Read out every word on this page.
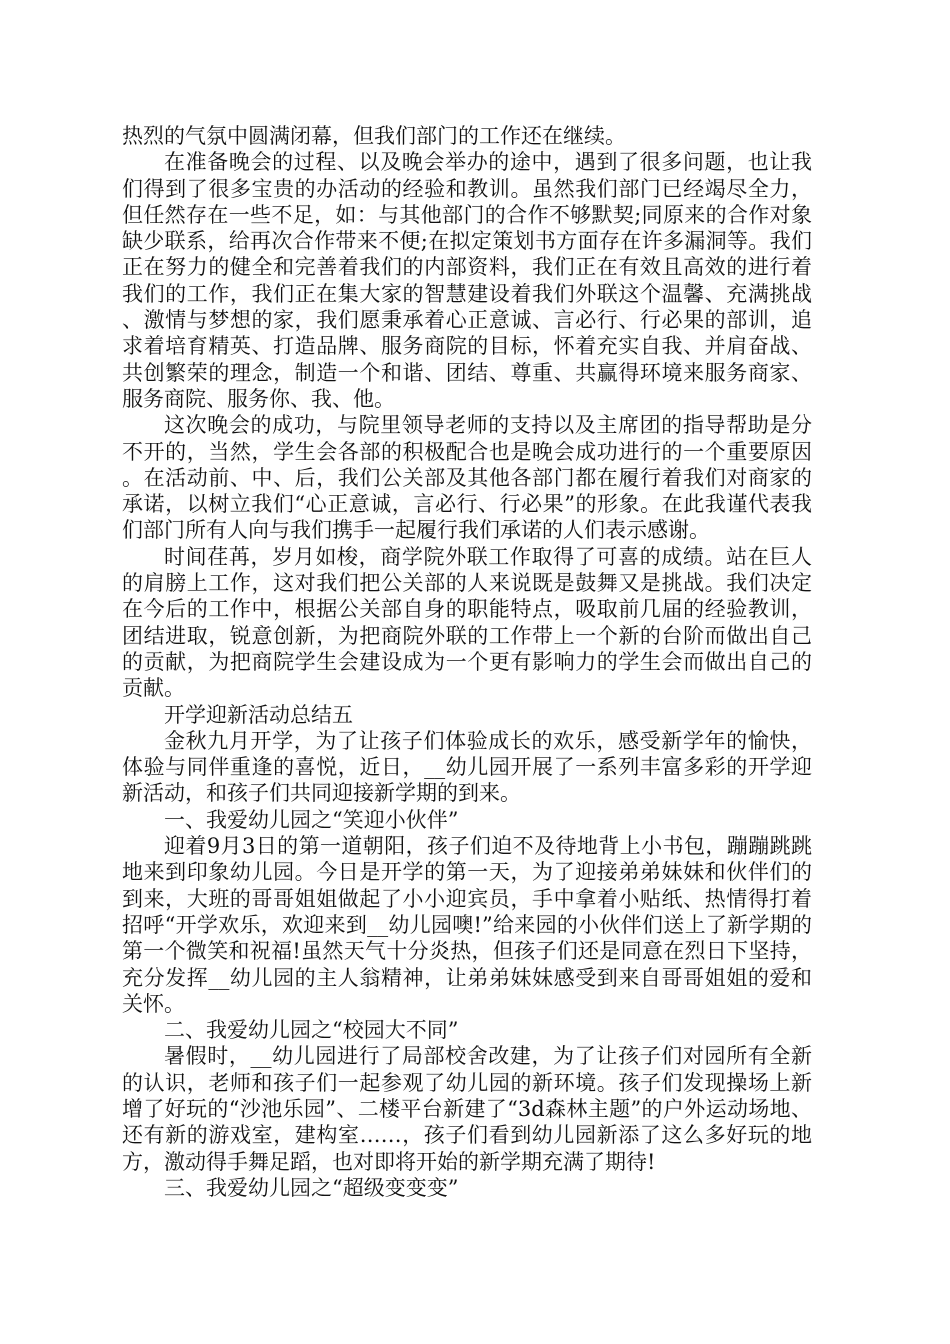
热烈的气氛中圆满闭幕，但我们部门的工作还在继续。

在准备晚会的过程、以及晚会举办的途中，遇到了很多问题，也让我们得到了很多宝贵的办活动的经验和教训。虽然我们部门已经竭尽全力，但任然存在一些不足，如：与其他部门的合作不够默契;同原来的合作对象缺少联系，给再次合作带来不便;在拟定策划书方面存在许多漏洞等。我们正在努力的健全和完善着我们的内部资料，我们正在有效且高效的进行着我们的工作，我们正在集大家的智慧建设着我们外联这个温馨、充满挑战、激情与梦想的家，我们愿秉承着心正意诚、言必行、行必果的部训，追求着培育精英、打造品牌、服务商院的目标，怀着充实自我、并肩奋战、共创繁荣的理念，制造一个和谐、团结、尊重、共赢得环境来服务商家、服务商院、服务你、我、他。

这次晚会的成功，与院里领导老师的支持以及主席团的指导帮助是分不开的，当然，学生会各部的积极配合也是晚会成功进行的一个重要原因。在活动前、中、后，我们公关部及其他各部门都在履行着我们对商家的承诺，以树立我们“心正意诚，言必行、行必果”的形象。在此我谨代表我们部门所有人向与我们携手一起履行我们承诺的人们表示感谢。

时间荏苒，岁月如梭，商学院外联工作取得了可喜的成绩。站在巨人的肩膀上工作，这对我们把公关部的人来说既是鼓舞又是挑战。我们决定在今后的工作中，根据公关部自身的职能特点，吸取前几届的经验教训，团结进取，锐意创新，为把商院外联的工作带上一个新的台阶而做出自己的贡献，为把商院学生会建设成为一个更有影响力的学生会而做出自己的贡献。

开学迎新活动总结五

金秋九月开学，为了让孩子们体验成长的欢乐，感受新学年的愉快，体验与同伴重逢的喜悦，近日，__幼儿园开展了一系列丰富多彩的开学迎新活动，和孩子们共同迎接新学期的到来。

一、我爱幼儿园之“笑迎小伙伴”

迎着9月3日的第一道朝阳，孩子们迫不及待地背上小书包，蹦蹦跳跳地来到印象幼儿园。今日是开学的第一天，为了迎接弟弟妹妹和伙伴们的到来，大班的哥哥姐姐做起了小小迎宾员，手中拿着小贴纸、热情得打着招呼“开学欢乐，欢迎来到__幼儿园噢!”给来园的小伙伴们送上了新学期的第一个微笑和祝福!虽然天气十分炎热，但孩子们还是同意在烈日下坚持，充分发挥__幼儿园的主人翁精神，让弟弟妹妹感受到来自哥哥姐姐的爱和关怀。

二、我爱幼儿园之“校园大不同”

暑假时，__幼儿园进行了局部校舍改建，为了让孩子们对园所有全新的认识，老师和孩子们一起参观了幼儿园的新环境。孩子们发现操场上新增了好玩的“沙池乐园”、二楼平台新建了“3d森林主题”的户外运动场地、还有新的游戏室，建构室……，孩子们看到幼儿园新添了这么多好玩的地方，激动得手舞足蹈，也对即将开始的新学期充满了期待!

三、我爱幼儿园之“超级变变变”
